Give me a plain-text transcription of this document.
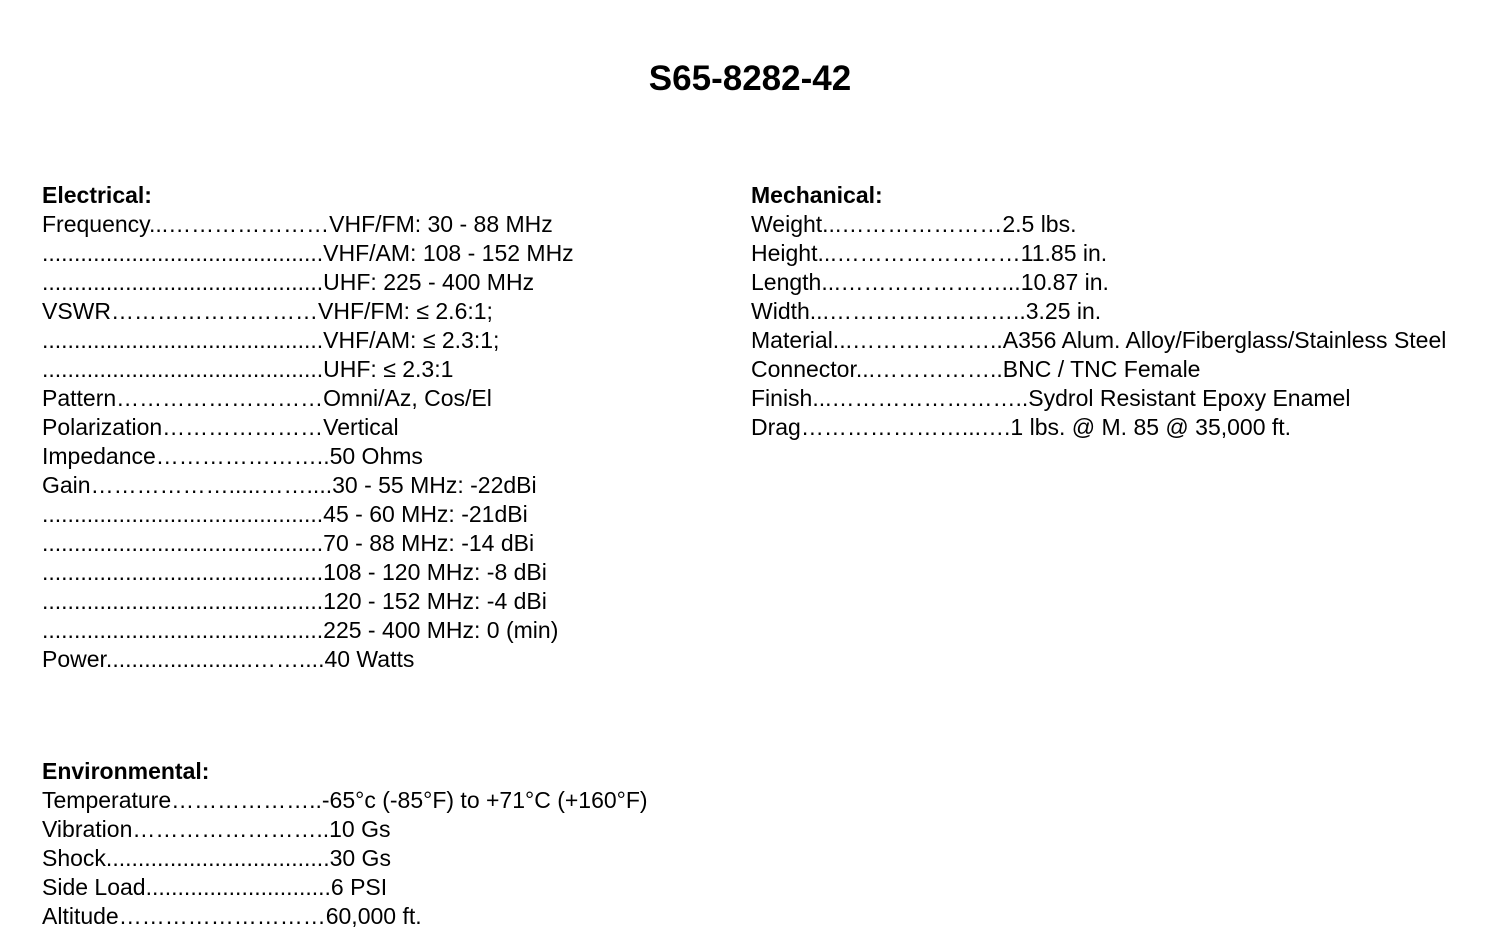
S65-8282-42
Electrical:
Frequency...…………………VHF/FM: 30 - 88 MHz
............................................VHF/AM: 108 - 152 MHz
............................................UHF: 225 - 400 MHz
VSWR………………………VHF/FM: ≤ 2.6:1;
............................................VHF/AM: ≤ 2.3:1;
............................................UHF: ≤ 2.3:1
Pattern………………………Omni/Az, Cos/El
Polarization…………………Vertical
Impedance…………………..50 Ohms
Gain……………….....……....30 - 55 MHz: -22dBi
............................................45 - 60 MHz: -21dBi
............................................70 - 88 MHz: -14 dBi
............................................108 - 120 MHz: -8 dBi
............................................120 - 152 MHz: -4 dBi
............................................225 - 400 MHz: 0 (min)
Power.......................……....40 Watts
Mechanical:
Weight...…………………2.5 lbs.
Height...……………………11.85 in.
Length...…………………...10.87 in.
Width...……………………..3.25 in.
Material...………………..A356 Alum. Alloy/Fiberglass/Stainless Steel
Connector...……………..BNC / TNC Female
Finish...……………………..Sydrol Resistant Epoxy Enamel
Drag…………………...….1 lbs. @ M. 85 @ 35,000 ft.
Environmental:
Temperature………………..-65°c (-85°F) to +71°C (+160°F)
Vibration……………………..10 Gs
Shock...................................30 Gs
Side Load.............................6 PSI
Altitude………………………60,000 ft.
